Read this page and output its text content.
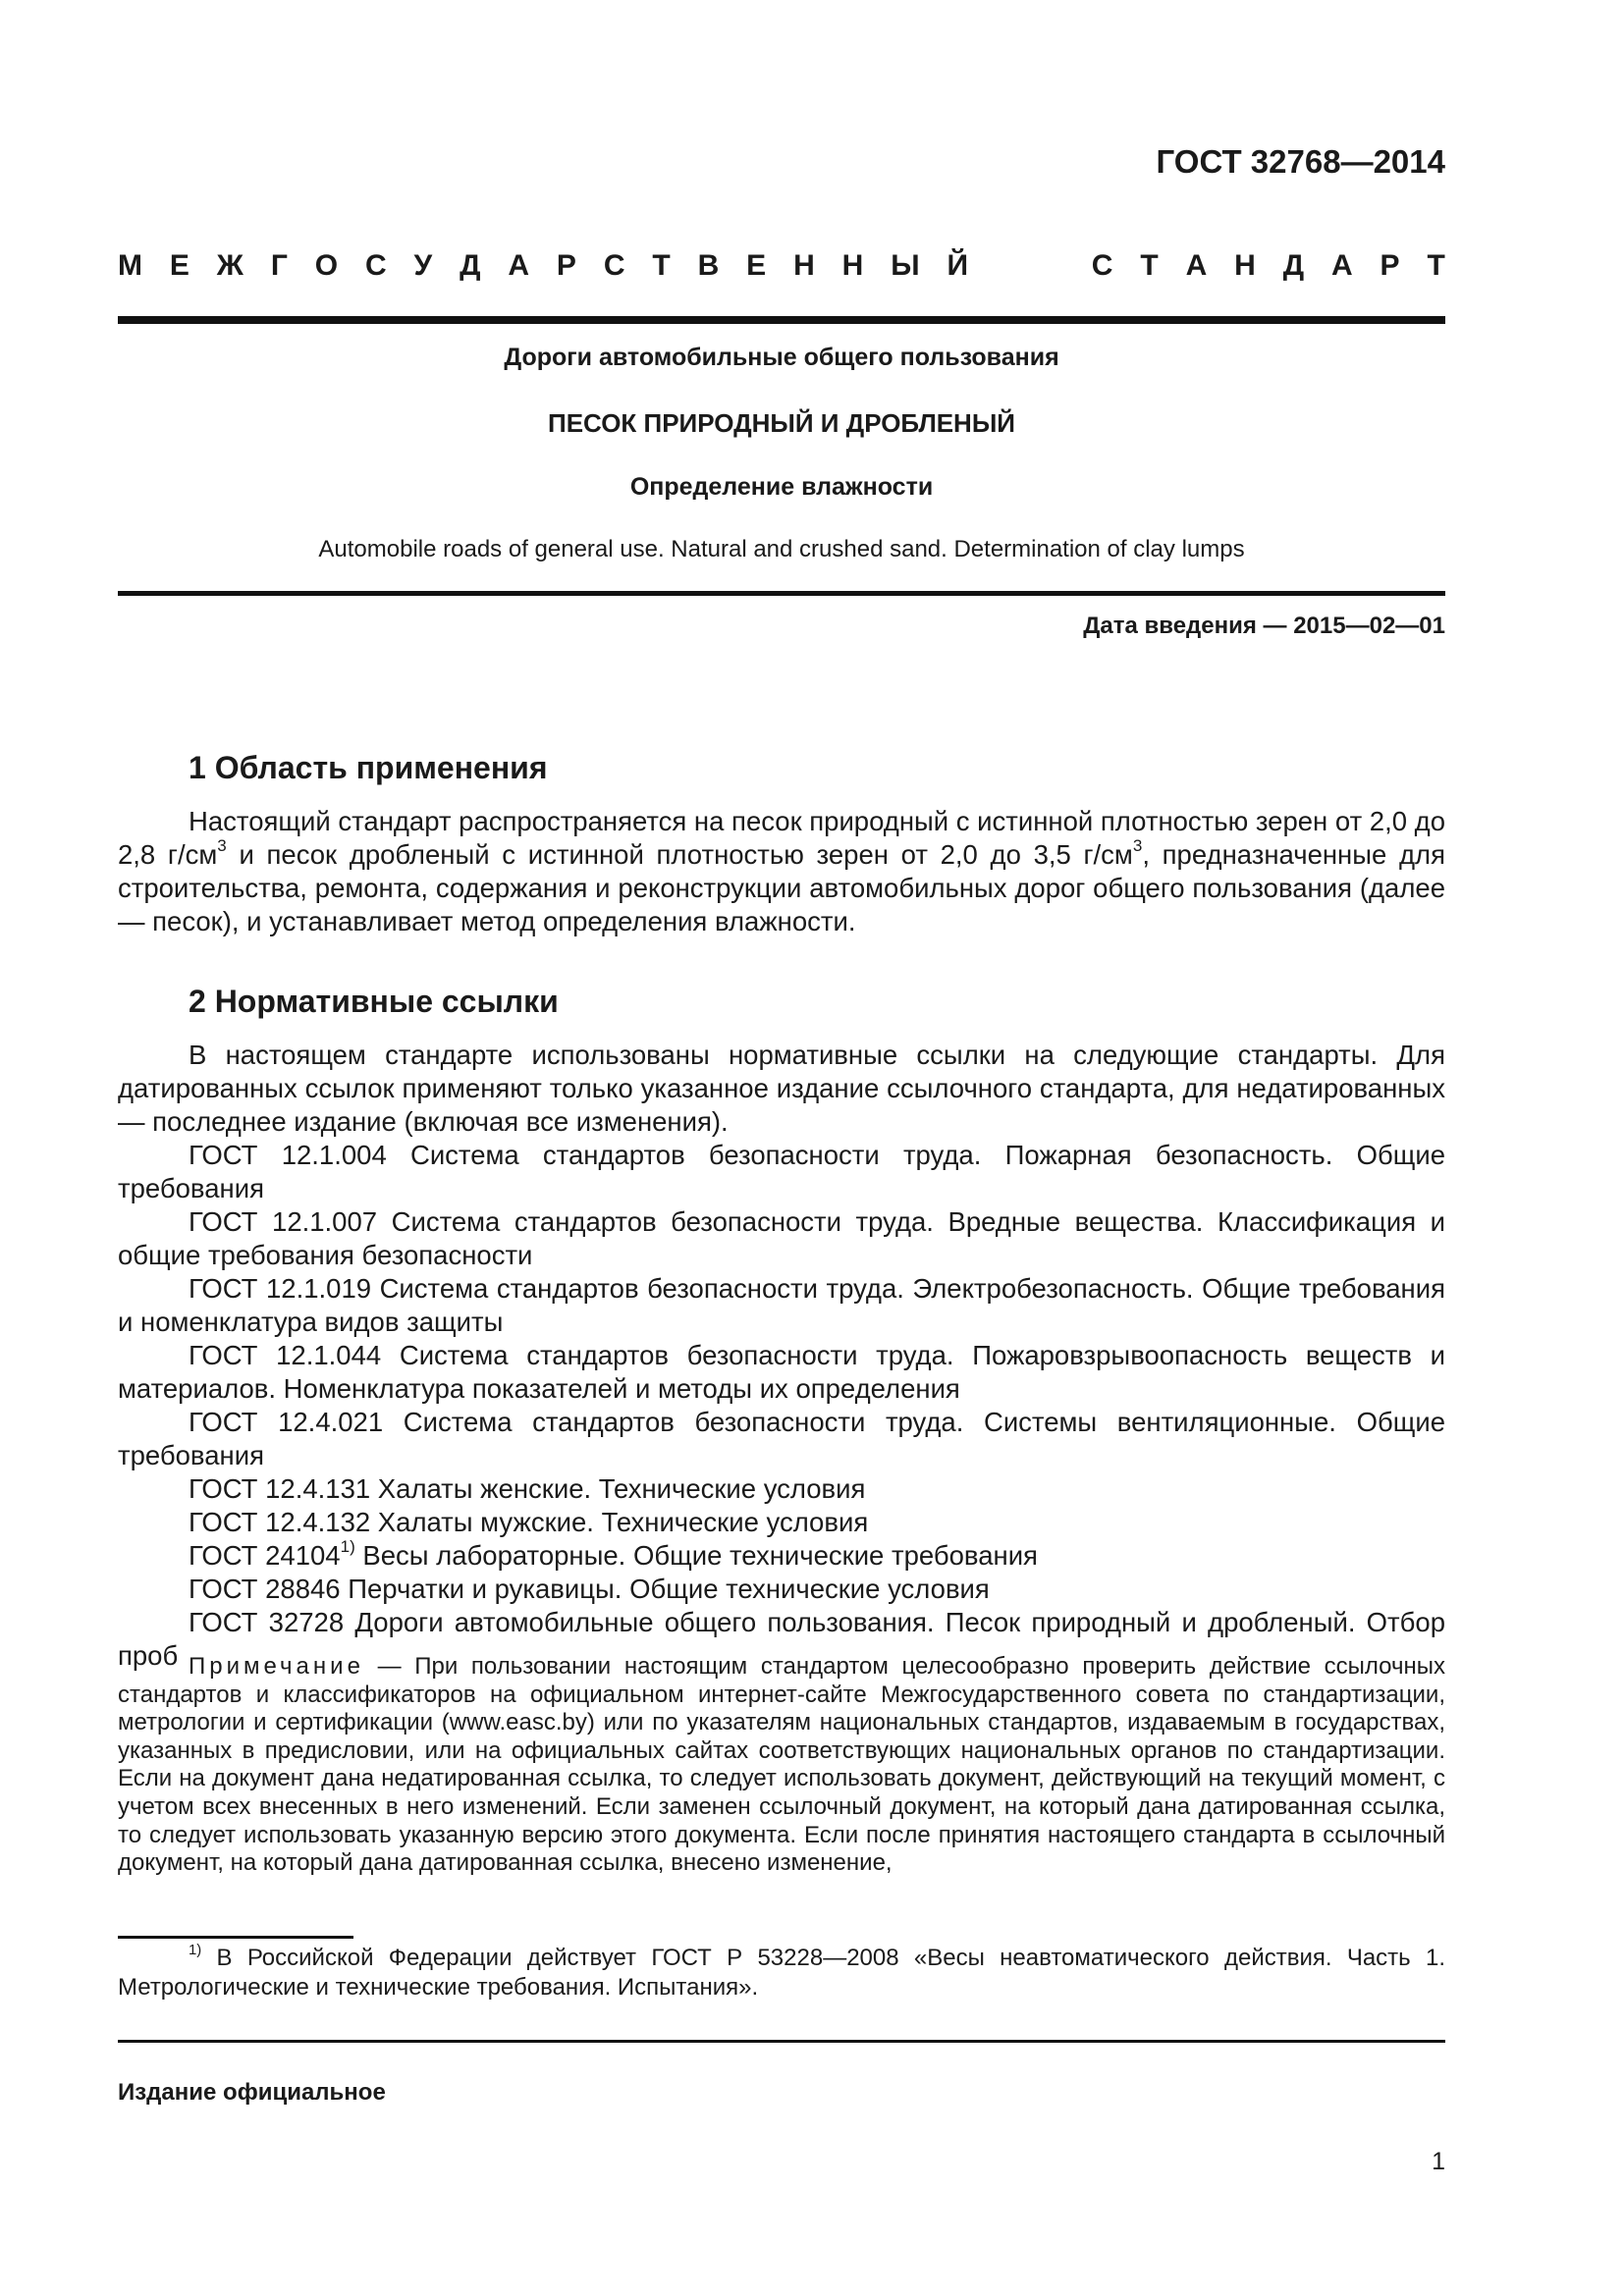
ГОСТ 32768—2014
М Е Ж Г О С У Д А Р С Т В Е Н Н Ы Й	С Т А Н Д А Р Т
Дороги автомобильные общего пользования
ПЕСОК ПРИРОДНЫЙ И ДРОБЛЕНЫЙ
Определение влажности
Automobile roads of general use. Natural and crushed sand. Determination of clay lumps
Дата введения — 2015—02—01
1 Область применения

Настоящий стандарт распространяется на песок природный с истинной плотностью зерен от 2,0 до 2,8 $г/см^3$ и песок дробленый с истинной плотностью зерен от 2,0 до 3,5 $г/см^3$, предназначенные для строительства, ремонта, содержания и реконструкции автомобильных дорог общего пользования (далее — песок), и устанавливает метод определения влажности.

2 Нормативные ссылки

В настоящем стандарте использованы нормативные ссылки на следующие стандарты. Для датированных ссылок применяют только указанное издание ссылочного стандарта, для недатированных — последнее издание (включая все изменения).

ГОСТ 12.1.004 Система стандартов безопасности труда. Пожарная безопасность. Общие требования

ГОСТ 12.1.007 Система стандартов безопасности труда. Вредные вещества. Классификация и общие требования безопасности

ГОСТ 12.1.019 Система стандартов безопасности труда. Электробезопасность. Общие требования и номенклатура видов защиты

ГОСТ 12.1.044 Система стандартов безопасности труда. Пожаровзрывоопасность веществ и материалов. Номенклатура показателей и методы их определения

ГОСТ 12.4.021 Система стандартов безопасности труда. Системы вентиляционные. Общие требования

ГОСТ 12.4.131 Халаты женские. Технические условия

ГОСТ 12.4.132 Халаты мужские. Технические условия

ГОСТ 24104$^{1)}$ Весы лабораторные. Общие технические требования

ГОСТ 28846 Перчатки и рукавицы. Общие технические условия

ГОСТ 32728 Дороги автомобильные общего пользования. Песок природный и дробленый. Отбор проб Примечание — При пользовании настоящим стандартом целесообразно проверить действие ссылочных стандартов и классификаторов на официальном интернет-сайте Межгосударственного совета по стандартизации, метрологии и сертификации (www.easc.by) или по указателям национальных стандартов, издаваемым в государствах, указанных в предисловии, или на официальных сайтах соответствующих национальных органов по стандартизации. Если на документ дана недатированная ссылка, то следует использовать документ, действующий на текущий момент, с учетом всех внесенных в него изменений. Если заменен ссылочный документ, на который дана датированная ссылка, то следует использовать указанную версию этого документа. Если после принятия настоящего стандарта в ссылочный документ, на который дана датированная ссылка, внесено изменение,
$^{1)}$ В Российской Федерации действует ГОСТ Р 53228—2008 «Весы неавтоматического действия. Часть 1. Метрологические и технические требования. Испытания».
Издание официальное
1
